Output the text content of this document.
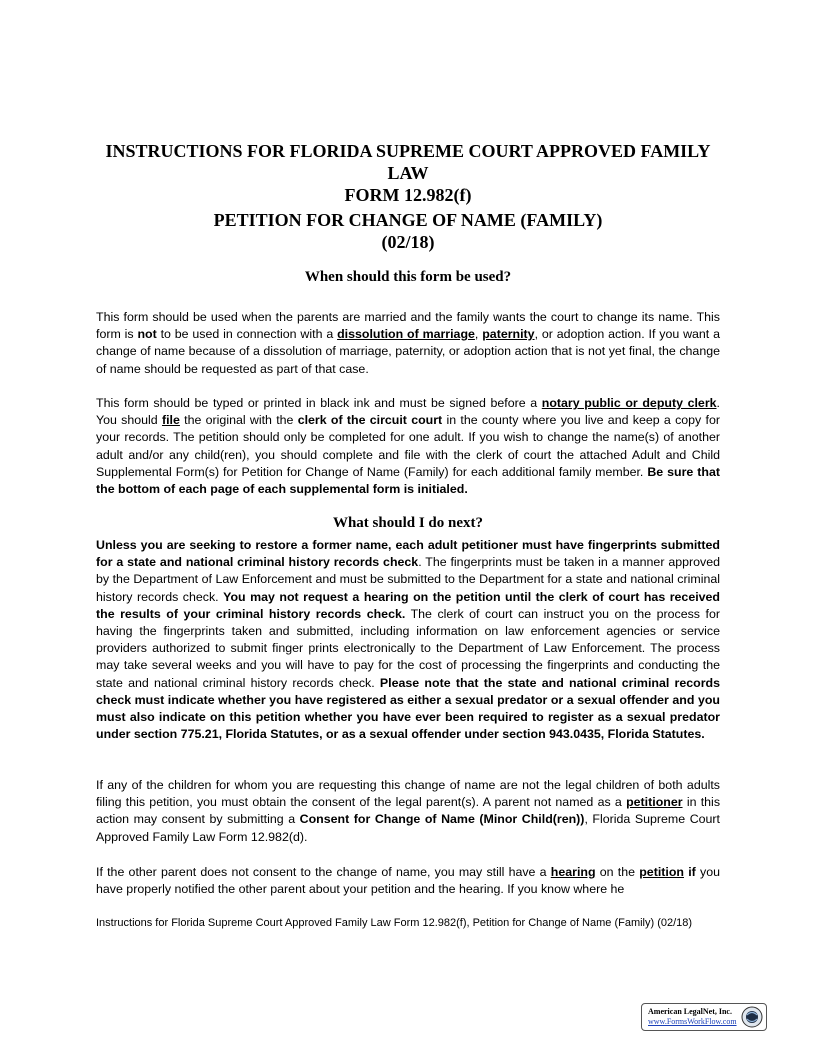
INSTRUCTIONS FOR FLORIDA SUPREME COURT APPROVED FAMILY LAW
FORM 12.982(f)
PETITION FOR CHANGE OF NAME (FAMILY)
(02/18)
When should this form be used?

This form should be used when the parents are married and the family wants the court to change its name. This form is not to be used in connection with a dissolution of marriage, paternity, or adoption action. If you want a change of name because of a dissolution of marriage, paternity, or adoption action that is not yet final, the change of name should be requested as part of that case.

This form should be typed or printed in black ink and must be signed before a notary public or deputy clerk. You should file the original with the clerk of the circuit court in the county where you live and keep a copy for your records. The petition should only be completed for one adult. If you wish to change the name(s) of another adult and/or any child(ren), you should complete and file with the clerk of court the attached Adult and Child Supplemental Form(s) for Petition for Change of Name (Family) for each additional family member. Be sure that the bottom of each page of each supplemental form is initialed.

What should I do next?

Unless you are seeking to restore a former name, each adult petitioner must have fingerprints submitted for a state and national criminal history records check. The fingerprints must be taken in a manner approved by the Department of Law Enforcement and must be submitted to the Department for a state and national criminal history records check. You may not request a hearing on the petition until the clerk of court has received the results of your criminal history records check. The clerk of court can instruct you on the process for having the fingerprints taken and submitted, including information on law enforcement agencies or service providers authorized to submit finger prints electronically to the Department of Law Enforcement. The process may take several weeks and you will have to pay for the cost of processing the fingerprints and conducting the state and national criminal history records check. Please note that the state and national criminal records check must indicate whether you have registered as either a sexual predator or a sexual offender and you must also indicate on this petition whether you have ever been required to register as a sexual predator under section 775.21, Florida Statutes, or as a sexual offender under section 943.0435, Florida Statutes.

If any of the children for whom you are requesting this change of name are not the legal children of both adults filing this petition, you must obtain the consent of the legal parent(s). A parent not named as a petitioner in this action may consent by submitting a Consent for Change of Name (Minor Child(ren)), Florida Supreme Court Approved Family Law Form 12.982(d).

If the other parent does not consent to the change of name, you may still have a hearing on the petition if you have properly notified the other parent about your petition and the hearing. If you know where he

Instructions for Florida Supreme Court Approved Family Law Form 12.982(f), Petition for Change of Name (Family) (02/18)
American LegalNet, Inc.
www.FormsWorkFlow.com
